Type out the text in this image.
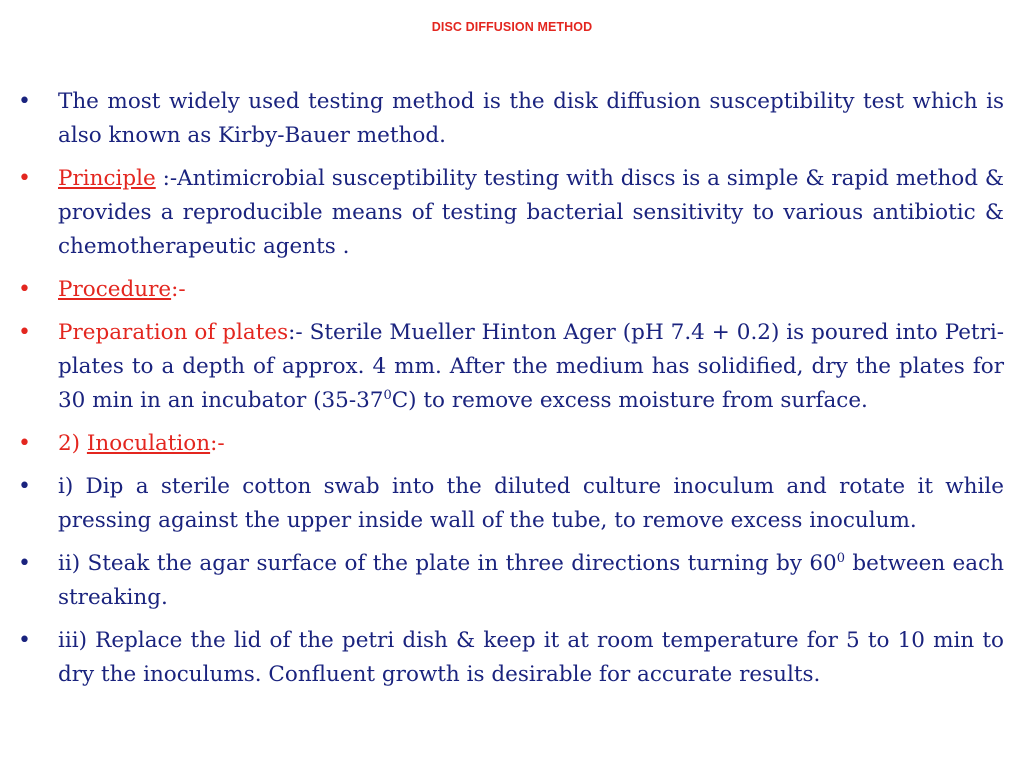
DISC DIFFUSION METHOD
•	The most widely used testing method is the disk diffusion susceptibility test which is also known as Kirby-Bauer method.
•	Principle :-Antimicrobial susceptibility testing with discs is a simple & rapid method & provides a reproducible means of testing bacterial sensitivity to various antibiotic & chemotherapeutic agents .
•	Procedure:-
•	Preparation of plates:- Sterile Mueller Hinton Ager (pH 7.4 + 0.2) is poured into Petri-plates to a depth of approx. 4 mm. After the medium has solidified, dry the plates for 30 min in an incubator $(35-37^0C)$ to remove excess moisture from surface.
•	2) Inoculation:-
•	i) Dip a sterile cotton swab into the diluted culture inoculum and rotate it while pressing against the upper inside wall of the tube, to remove excess inoculum.
•	ii) Steak the agar surface of the plate in three directions turning by $60^0$ between each streaking.
•	iii) Replace the lid of the petri dish & keep it at room temperature for 5 to 10 min to dry the inoculums. Confluent growth is desirable for accurate results.
